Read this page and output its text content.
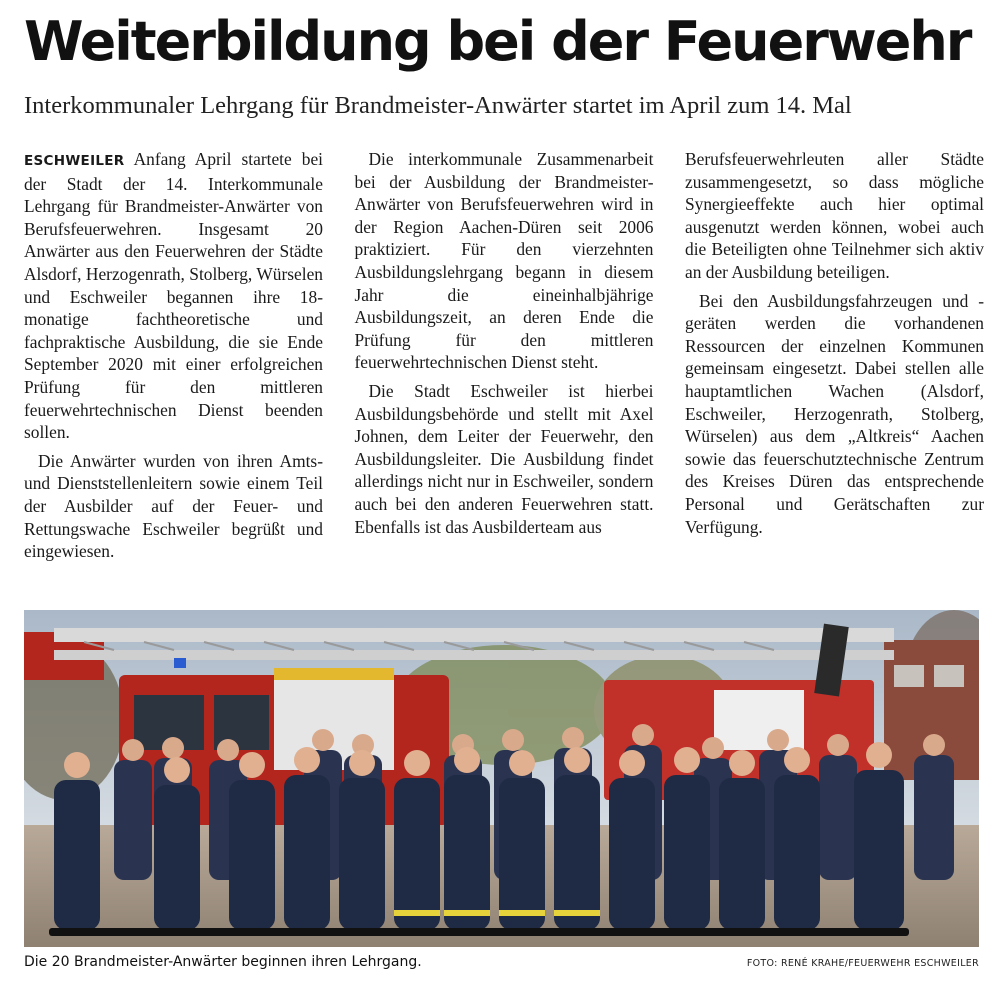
Weiterbildung bei der Feuerwehr
Interkommunaler Lehrgang für Brandmeister-Anwärter startet im April zum 14. Mal

ESCHWEILER Anfang April startete bei der Stadt der 14. Interkommunale Lehrgang für Brandmeister-Anwärter von Berufsfeuerwehren. Insgesamt 20 Anwärter aus den Feuerwehren der Städte Alsdorf, Herzogenrath, Stolberg, Würselen und Eschweiler begannen ihre 18-monatige fachtheoretische und fachpraktische Ausbildung, die sie Ende September 2020 mit einer erfolgreichen Prüfung für den mittleren feuerwehrtechnischen Dienst beenden sollen.

Die Anwärter wurden von ihren Amts- und Dienststellenleitern sowie einem Teil der Ausbilder auf der Feuer- und Rettungswache Eschweiler begrüßt und eingewiesen.

Die interkommunale Zusammenarbeit bei der Ausbildung der Brandmeister-Anwärter von Berufsfeuerwehren wird in der Region Aachen-Düren seit 2006 praktiziert. Für den vierzehnten Ausbildungslehrgang begann in diesem Jahr die eineinhalbjährige Ausbildungszeit, an deren Ende die Prüfung für den mittleren feuerwehrtechnischen Dienst steht.

Die Stadt Eschweiler ist hierbei Ausbildungsbehörde und stellt mit Axel Johnen, dem Leiter der Feuerwehr, den Ausbildungsleiter. Die Ausbildung findet allerdings nicht nur in Eschweiler, sondern auch bei den anderen Feuerwehren statt. Ebenfalls ist das Ausbilderteam aus

Berufsfeuerwehrleuten aller Städte zusammengesetzt, so dass mögliche Synergieeffekte auch hier optimal ausgenutzt werden können, wobei auch die Beteiligten ohne Teilnehmer sich aktiv an der Ausbildung beteiligen.

Bei den Ausbildungsfahrzeugen und -geräten werden die vorhandenen Ressourcen der einzelnen Kommunen gemeinsam eingesetzt. Dabei stellen alle hauptamtlichen Wachen (Alsdorf, Eschweiler, Herzogenrath, Stolberg, Würselen) aus dem „Altkreis“ Aachen sowie das feuerschutztechnische Zentrum des Kreises Düren das entsprechende Personal und Gerätschaften zur Verfügung.

Die 20 Brandmeister-Anwärter beginnen ihren Lehrgang.	FOTO: RENÉ KRAHE/FEUERWEHR ESCHWEILER
